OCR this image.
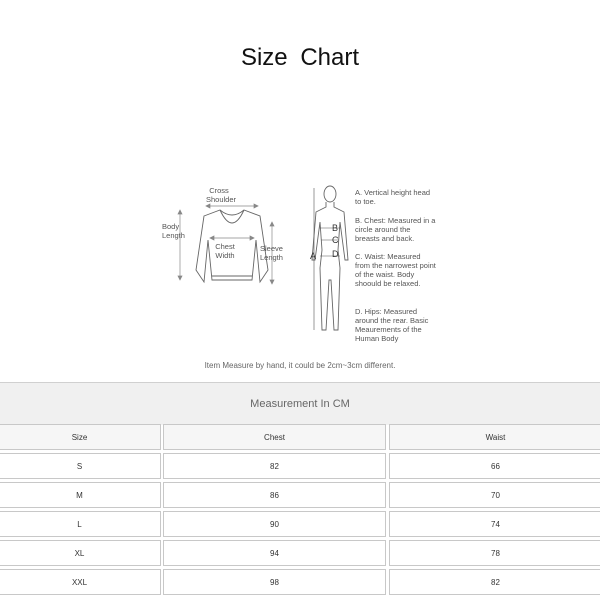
Size Chart
Cross Shoulder
Body Length
Chest Width
Sleeve Length	A
B
C
D
A. Vertical height head to toe.
B. Chest: Measured in a circle around the breasts and back.
C. Waist: Measured from the narrowest point of the waist. Body shoould be relaxed.
D. Hips: Measured around the rear. Basic Meaurements of the Human Body
Item Measure by hand, it could be 2cm~3cm different.
Measurement In CM
Size	Chest	Waist
S	82	66
M	86	70
L	90	74
XL	94	78
XXL	98	82
